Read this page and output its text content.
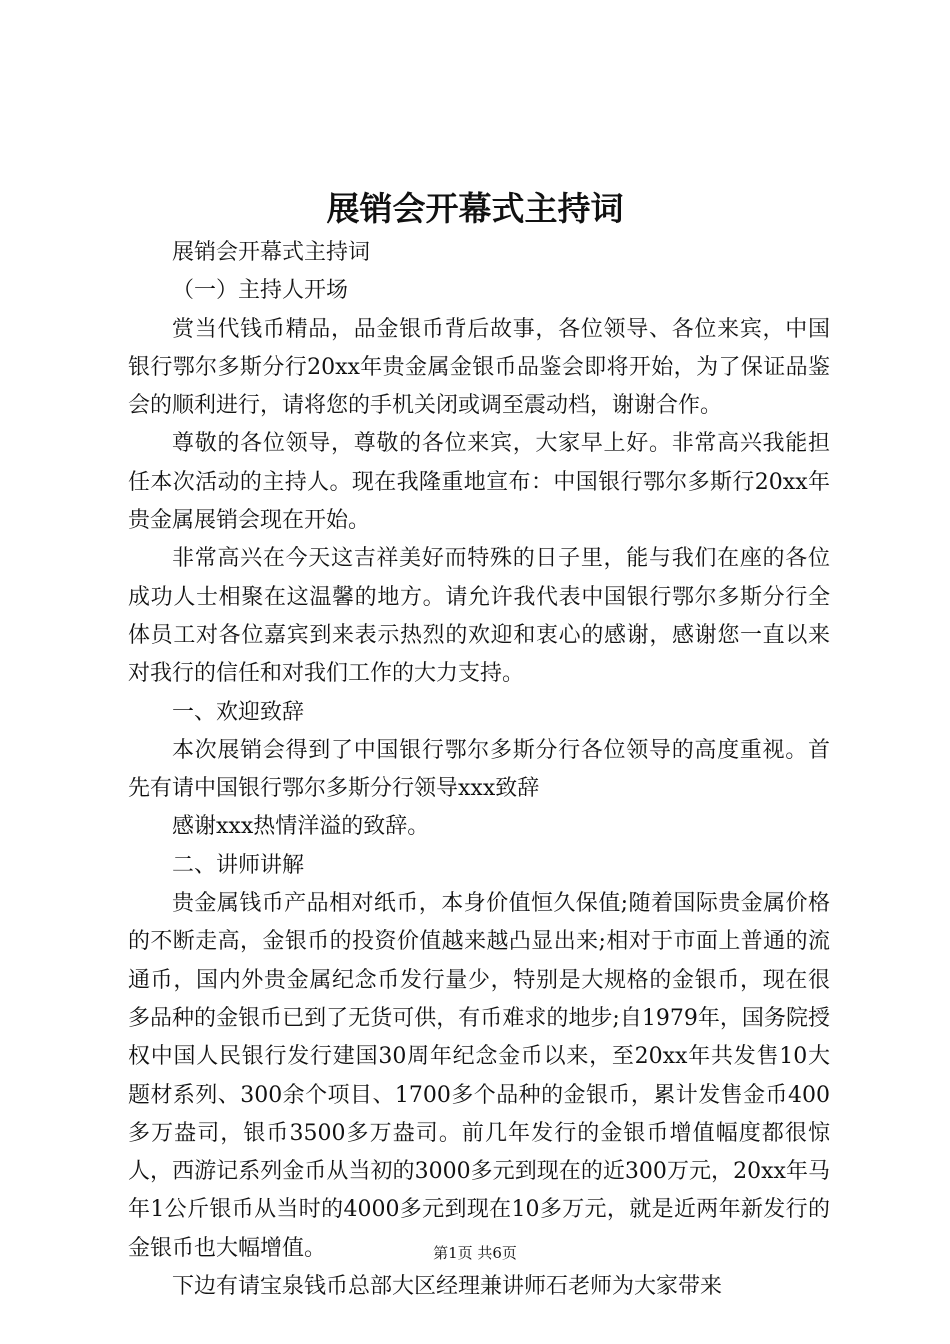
展销会开幕式主持词

展销会开幕式主持词

（一）主持人开场

赏当代钱币精品，品金银币背后故事，各位领导、各位来宾，中国银行鄂尔多斯分行20xx年贵金属金银币品鉴会即将开始，为了保证品鉴会的顺利进行，请将您的手机关闭或调至震动档，谢谢合作。

尊敬的各位领导，尊敬的各位来宾，大家早上好。非常高兴我能担任本次活动的主持人。现在我隆重地宣布：中国银行鄂尔多斯行20xx年贵金属展销会现在开始。

非常高兴在今天这吉祥美好而特殊的日子里，能与我们在座的各位成功人士相聚在这温馨的地方。请允许我代表中国银行鄂尔多斯分行全体员工对各位嘉宾到来表示热烈的欢迎和衷心的感谢，感谢您一直以来对我行的信任和对我们工作的大力支持。

一、欢迎致辞

本次展销会得到了中国银行鄂尔多斯分行各位领导的高度重视。首先有请中国银行鄂尔多斯分行领导xxx致辞

感谢xxx热情洋溢的致辞。

二、讲师讲解

贵金属钱币产品相对纸币，本身价值恒久保值;随着国际贵金属价格的不断走高，金银币的投资价值越来越凸显出来;相对于市面上普通的流通币，国内外贵金属纪念币发行量少，特别是大规格的金银币，现在很多品种的金银币已到了无货可供，有币难求的地步;自1979年，国务院授权中国人民银行发行建国30周年纪念金币以来，至20xx年共发售10大题材系列、300余个项目、1700多个品种的金银币，累计发售金币400多万盎司，银币3500多万盎司。前几年发行的金银币增值幅度都很惊人，西游记系列金币从当初的3000多元到现在的近300万元，20xx年马年1公斤银币从当时的4000多元到现在10多万元，就是近两年新发行的金银币也大幅增值。

下边有请宝泉钱币总部大区经理兼讲师石老师为大家带来

第1页 共6页
